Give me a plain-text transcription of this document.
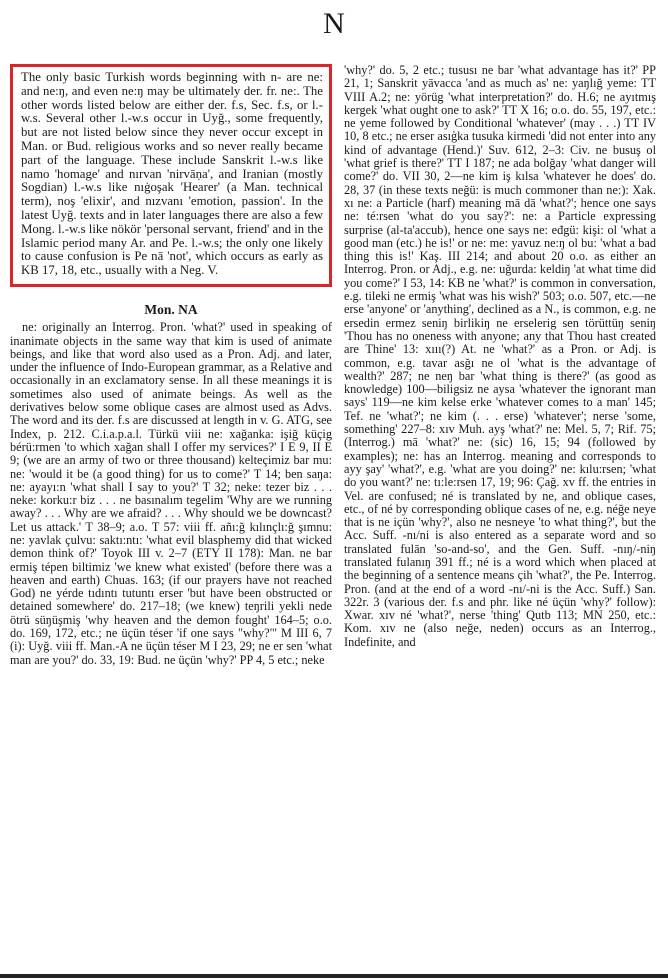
N

The only basic Turkish words beginning with n- are ne: and ne:ŋ, and even ne:ŋ may be ultimately der. fr. ne:. The other words listed below are either der. f.s, Sec. f.s, or l.-w.s. Several other l.-w.s occur in Uyğ., some frequently, but are not listed below since they never occur except in Man. or Bud. religious works and so never really became part of the language. These include Sanskrit l.-w.s like namo 'homage' and nırvan 'nirvāṇa', and Iranian (mostly Sogdian) l.-w.s like nıġoşak 'Hearer' (a Man. technical term), noş 'elixir', and nızvanı 'emotion, passion'. In the latest Uyğ. texts and in later languages there are also a few Mong. l.-w.s like nökör 'personal servant, friend' and in the Islamic period many Ar. and Pe. l.-w.s; the only one likely to cause confusion is Pe nā 'not', which occurs as early as KB 17, 18, etc., usually with a Neg. V.

Mon. NA

ne: originally an Interrog. Pron. 'what?' used in speaking of inanimate objects in the same way that kim is used of animate beings, and like that word also used as a Pron. Adj. and later, under the influence of Indo-European grammar, as a Relative and occasionally in an exclamatory sense. In all these meanings it is sometimes also used of animate beings. As well as the derivatives below some oblique cases are almost used as Advs. The word and its der. f.s are discussed at length in v. G. ATG, see Index, p. 212. C.i.a.p.a.l. Türkü viii ne: xağanka: işiğ küçig bérü:rmen 'to which xağan shall I offer my services?' I E 9, II E 9; (we are an army of two or three thousand) kelteçimiz bar mu: ne: 'would it be (a good thing) for us to come?' T 14; ben saŋa: ne: ayayı:n 'what shall I say to you?' T 32; neke: tezer biz . . . neke: korku:r biz . . . ne basınalım tegelim 'Why are we running away? . . . Why are we afraid? . . . Why should we be downcast? Let us attack.' T 38–9; a.o. T 57: viii ff. añı:ğ kılınçlı:ğ şımnu: ne: yavlak çulvu: saktı:ntı: 'what evil blasphemy did that wicked demon think of?' Toyok III v. 2–7 (ETY II 178): Man. ne bar ermiş tépen biltimiz 'we knew what existed' (before there was a heaven and earth) Chuas. 163; (if our prayers have not reached God) ne yérde tıdıntı tutuntı erser 'but have been obstructed or detained somewhere' do. 217–18; (we knew) teŋrili yekli nede ötrü süŋüşmiş 'why heaven and the demon fought' 164–5; o.o. do. 169, 172, etc.; ne üçün téser 'if one says "why?"' M III 6, 7 (i): Uyğ. viii ff. Man.-A ne üçün téser M I 23, 29; ne er sen 'what man are you?' do. 33, 19: Bud. ne üçün 'why?' PP 4, 5 etc.; neke

'why?' do. 5, 2 etc.; tususı ne bar 'what advantage has it?' PP 21, 1; Sanskrit yāvacca 'and as much as' ne: yaŋlığ yeme: TT VIII A.2; ne: yörüg 'what interpretation?' do. H.6; ne ayıtmış kergek 'what ought one to ask?' TT X 16; o.o. do. 55, 197, etc.: ne yeme followed by Conditional 'whatever' (may . . .) TT IV 10, 8 etc.; ne erser asıģka tusuka kirmedi 'did not enter into any kind of advantage (Hend.)' Suv. 612, 2–3: Civ. ne busuş ol 'what grief is there?' TT I 187; ne ada bolğay 'what danger will come?' do. VII 30, 2—ne kim iş kılsa 'whatever he does' do. 28, 37 (in these texts neğü: is much commoner than ne:): Xak. xı ne: a Particle (harf) meaning mā dā 'what?'; hence one says ne: té:rsen 'what do you say?': ne: a Particle expressing surprise (al-ta'accub), hence one says ne: eđgü: kişi: ol 'what a good man (etc.) he is!' or ne: me: yavuz ne:ŋ ol bu: 'what a bad thing this is!' Kaş. III 214; and about 20 o.o. as either an Interrog. Pron. or Adj., e.g. ne: uğurda: keldiŋ 'at what time did you come?' I 53, 14: KB ne 'what?' is common in conversation, e.g. tileki ne ermiş 'what was his wish?' 503; o.o. 507, etc.—ne erse 'anyone' or 'anything', declined as a N., is common, e.g. ne ersedin ermez seniŋ birlikiŋ ne erselerig sen törüttüŋ seniŋ 'Thou has no oneness with anyone; any that Thou hast created are Thine' 13: xııı(?) At. ne 'what?' as a Pron. or Adj. is common, e.g. tavar asğı ne ol 'what is the advantage of wealth?' 287; ne neŋ bar 'what thing is there?' (as good as knowledge) 100—biligsiz ne aysa 'whatever the ignorant man says' 119—ne kim kelse erke 'whatever comes to a man' 145; Tef. ne 'what?'; ne kim (. . . erse) 'whatever'; nerse 'some, something' 227–8: xıv Muh. ayş 'what?' ne: Mel. 5, 7; Rif. 75; (Interrog.) mā 'what?' ne: (sic) 16, 15; 94 (followed by examples); ne: has an Interrog. meaning and corresponds to ayy şay' 'what?', e.g. 'what are you doing?' ne: kılu:rsen; 'what do you want?' ne: tı:le:rsen 17, 19; 96: Çağ. xv ff. the entries in Vel. are confused; né is translated by ne, and oblique cases, etc., of né by corresponding oblique cases of ne, e.g. néğe neye that is ne içün 'why?', also ne nesneye 'to what thing?', but the Acc. Suff. -nı/ni is also entered as a separate word and so translated fulān 'so-and-so', and the Gen. Suff. -nıŋ/-niŋ translated fulanıŋ 391 ff.; né is a word which when placed at the beginning of a sentence means çih 'what?', the Pe. Interrog. Pron. (and at the end of a word -nı/-ni is the Acc. Suff.) San. 322r. 3 (various der. f.s and phr. like né üçün 'why?' follow): Xwar. xıv né 'what?', nerse 'thing' Qutb 113; MN 250, etc.: Kom. xıv ne (also neğe, neden) occurs as an Interrog., Indefinite, and
